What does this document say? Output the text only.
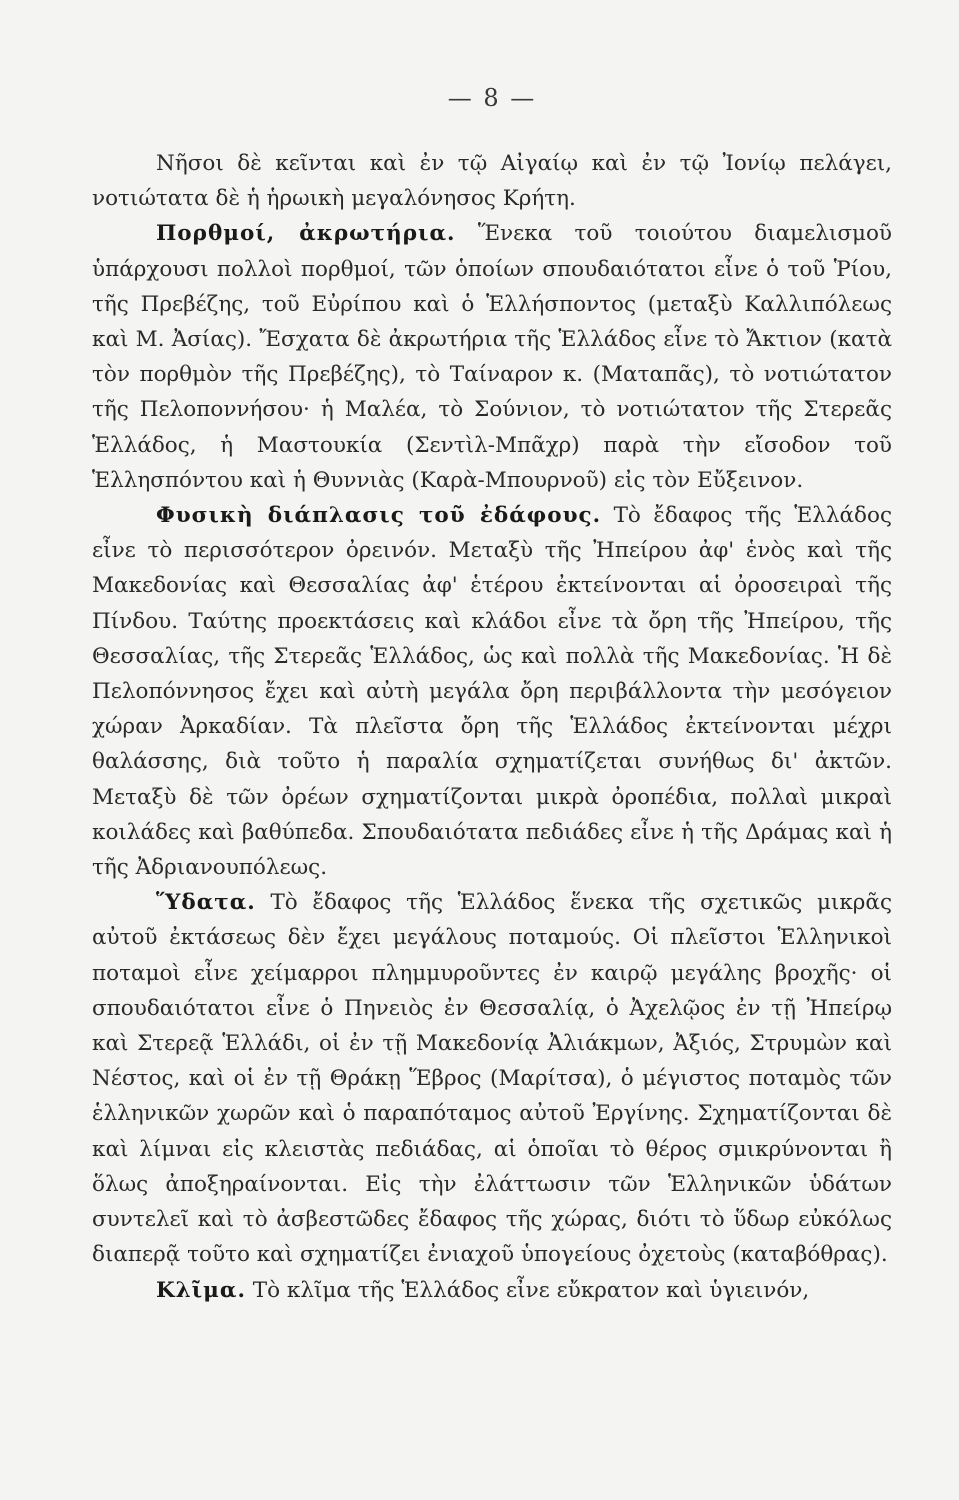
— 8 —

Νῆσοι δὲ κεῖνται καὶ ἐν τῷ Αἰγαίῳ καὶ ἐν τῷ Ἰονίῳ πελάγει, νοτιώτατα δὲ ἡ ἡρωικὴ μεγαλόνησος Κρήτη.

Πορθμοί, ἀκρωτήρια. Ἕνεκα τοῦ τοιούτου διαμελισμοῦ ὑπάρχουσι πολλοὶ πορθμοί, τῶν ὁποίων σπουδαιότατοι εἶνε ὁ τοῦ Ῥίου, τῆς Πρεβέζης, τοῦ Εὐρίπου καὶ ὁ Ἑλλήσποντος (μεταξὺ Καλλιπόλεως καὶ Μ. Ἀσίας). Ἔσχατα δὲ ἀκρωτήρια τῆς Ἑλλάδος εἶνε τὸ Ἄκτιον (κατὰ τὸν πορθμὸν τῆς Πρεβέζης), τὸ Ταίναρον κ. (Ματαπᾶς), τὸ νοτιώτατον τῆς Πελοποννήσου· ἡ Μαλέα, τὸ Σούνιον, τὸ νοτιώτατον τῆς Στερεᾶς Ἑλλάδος, ἡ Μαστουκία (Σεντὶλ-Μπᾶχρ) παρὰ τὴν εἴσοδον τοῦ Ἑλλησπόντου καὶ ἡ Θυννιὰς (Καρὰ-Μπουρνοῦ) εἰς τὸν Εὔξεινον.

Φυσικὴ διάπλασις τοῦ ἐδάφους. Τὸ ἔδαφος τῆς Ἑλλάδος εἶνε τὸ περισσότερον ὀρεινόν. Μεταξὺ τῆς Ἠπείρου ἀφ' ἑνὸς καὶ τῆς Μακεδονίας καὶ Θεσσαλίας ἀφ' ἑτέρου ἐκτείνονται αἱ ὀροσειραὶ τῆς Πίνδου. Ταύτης προεκτάσεις καὶ κλάδοι εἶνε τὰ ὄρη τῆς Ἠπείρου, τῆς Θεσσαλίας, τῆς Στερεᾶς Ἑλλάδος, ὡς καὶ πολλὰ τῆς Μακεδονίας. Ἡ δὲ Πελοπόννησος ἔχει καὶ αὐτὴ μεγάλα ὄρη περιβάλλοντα τὴν μεσόγειον χώραν Ἀρκαδίαν. Τὰ πλεῖστα ὄρη τῆς Ἑλλάδος ἐκτείνονται μέχρι θαλάσσης, διὰ τοῦτο ἡ παραλία σχηματίζεται συνήθως δι' ἀκτῶν. Μεταξὺ δὲ τῶν ὀρέων σχηματίζονται μικρὰ ὀροπέδια, πολλαὶ μικραὶ κοιλάδες καὶ βαθύπεδα. Σπουδαιότατα πεδιάδες εἶνε ἡ τῆς Δράμας καὶ ἡ τῆς Ἀδριανουπόλεως.

Ὕδατα. Τὸ ἔδαφος τῆς Ἑλλάδος ἕνεκα τῆς σχετικῶς μικρᾶς αὐτοῦ ἐκτάσεως δὲν ἔχει μεγάλους ποταμούς. Οἱ πλεῖστοι Ἑλληνικοὶ ποταμοὶ εἶνε χείμαρροι πλημμυροῦντες ἐν καιρῷ μεγάλης βροχῆς· οἱ σπουδαιότατοι εἶνε ὁ Πηνειὸς ἐν Θεσσαλίᾳ, ὁ Ἀχελῷος ἐν τῇ Ἠπείρῳ καὶ Στερεᾷ Ἑλλάδι, οἱ ἐν τῇ Μακεδονίᾳ Ἀλιάκμων, Ἀξιός, Στρυμὼν καὶ Νέστος, καὶ οἱ ἐν τῇ Θράκῃ Ἕβρος (Μαρίτσα), ὁ μέγιστος ποταμὸς τῶν ἑλληνικῶν χωρῶν καὶ ὁ παραπόταμος αὐτοῦ Ἐργίνης. Σχηματίζονται δὲ καὶ λίμναι εἰς κλειστὰς πεδιάδας, αἱ ὁποῖαι τὸ θέρος σμικρύνονται ἢ ὅλως ἀποξηραίνονται. Εἰς τὴν ἐλάττωσιν τῶν Ἑλληνικῶν ὑδάτων συντελεῖ καὶ τὸ ἀσβεστῶδες ἔδαφος τῆς χώρας, διότι τὸ ὕδωρ εὐκόλως διαπερᾷ τοῦτο καὶ σχηματίζει ἐνιαχοῦ ὑπογείους ὀχετοὺς (καταβόθρας).

Κλῖμα. Τὸ κλῖμα τῆς Ἑλλάδος εἶνε εὔκρατον καὶ ὑγιεινόν,
